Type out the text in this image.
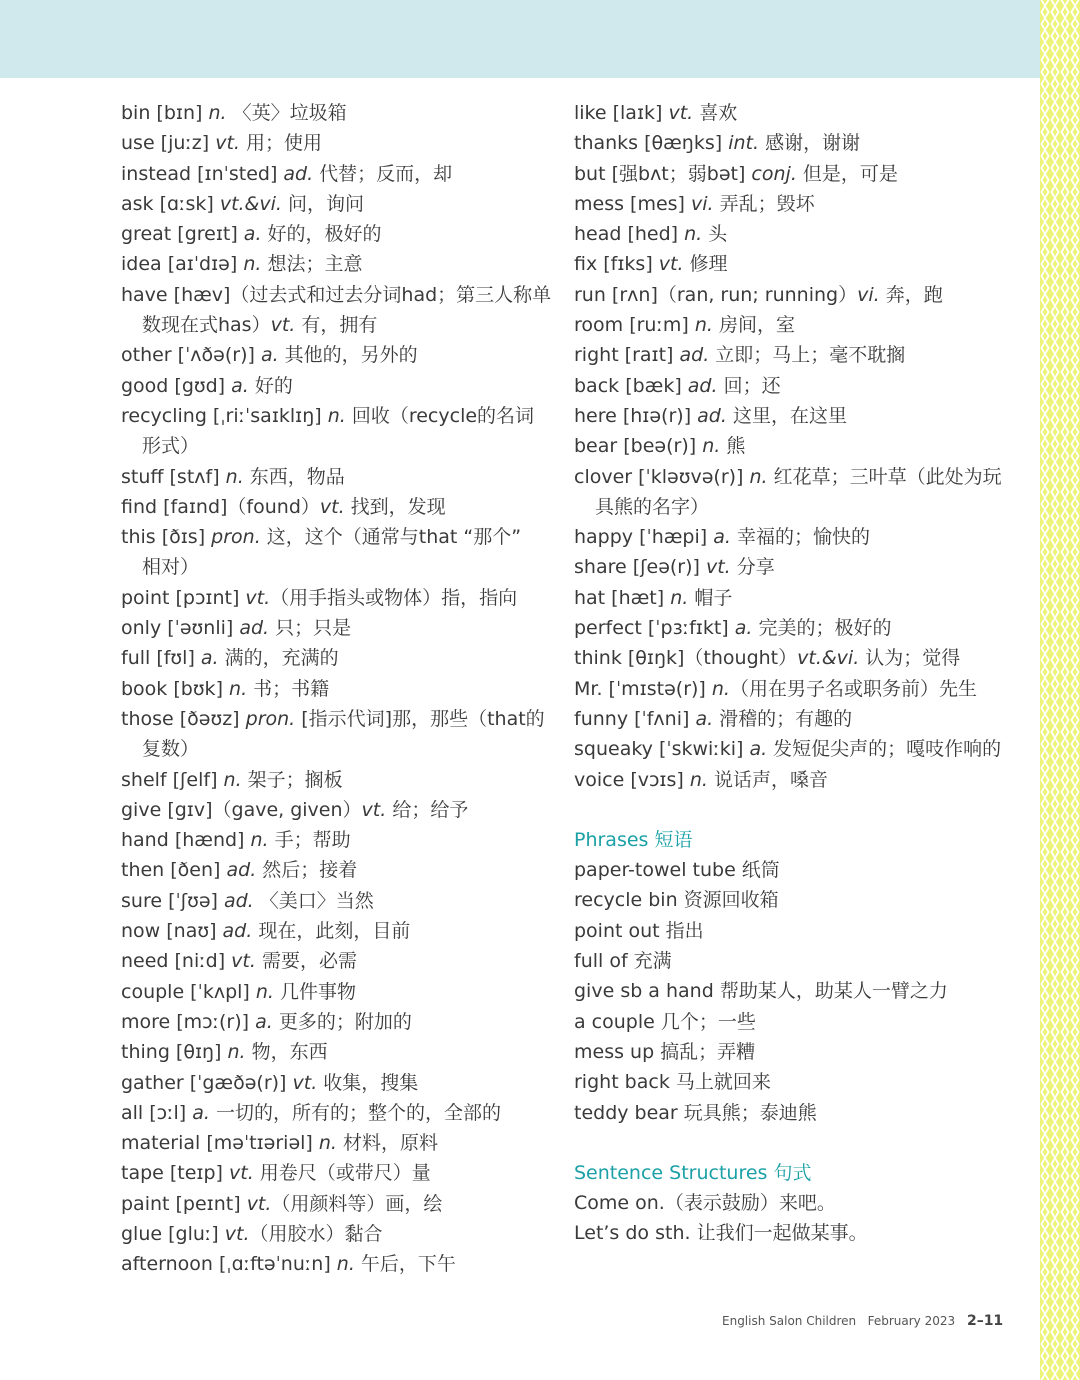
bin [bɪn] n. 〈英〉垃圾箱
use [juːz] vt. 用；使用
instead [ɪnˈsted] ad. 代替；反而，却
ask [ɑːsk] vt.&vi. 问，询问
great [greɪt] a. 好的，极好的
idea [aɪˈdɪə] n. 想法；主意
have [hæv]（过去式和过去分词had；第三人称单
数现在式has）vt. 有，拥有
other [ˈʌðə(r)] a. 其他的，另外的
good [gʊd] a. 好的
recycling [ˌriːˈsaɪklɪŋ] n. 回收（recycle的名词
形式）
stuff [stʌf] n. 东西，物品
find [faɪnd]（found）vt. 找到，发现
this [ðɪs] pron. 这，这个（通常与that “那个”
相对）
point [pɔɪnt] vt.（用手指头或物体）指，指向
only [ˈəʊnli] ad. 只；只是
full [fʊl] a. 满的，充满的
book [bʊk] n. 书；书籍
those [ðəʊz] pron. [指示代词]那，那些（that的
复数）
shelf [ʃelf] n. 架子；搁板
give [gɪv]（gave, given）vt. 给；给予
hand [hænd] n. 手；帮助
then [ðen] ad. 然后；接着
sure [ˈʃʊə] ad. 〈美口〉当然
now [naʊ] ad. 现在，此刻，目前
need [niːd] vt. 需要，必需
couple [ˈkʌpl] n. 几件事物
more [mɔː(r)] a. 更多的；附加的
thing [θɪŋ] n. 物，东西
gather [ˈgæðə(r)] vt. 收集，搜集
all [ɔːl] a. 一切的，所有的；整个的，全部的
material [məˈtɪəriəl] n. 材料，原料
tape [teɪp] vt. 用卷尺（或带尺）量
paint [peɪnt] vt.（用颜料等）画，绘
glue [gluː] vt.（用胶水）黏合
afternoon [ˌɑːftəˈnuːn] n. 午后，下午
like [laɪk] vt. 喜欢
thanks [θæŋks] int. 感谢，谢谢
but [强bʌt；弱bət] conj. 但是，可是
mess [mes] vi. 弄乱；毁坏
head [hed] n. 头
fix [fɪks] vt. 修理
run [rʌn]（ran, run; running）vi. 奔，跑
room [ruːm] n. 房间，室
right [raɪt] ad. 立即；马上；毫不耽搁
back [bæk] ad. 回；还
here [hɪə(r)] ad. 这里，在这里
bear [beə(r)] n. 熊
clover [ˈkləʊvə(r)] n. 红花草；三叶草（此处为玩
具熊的名字）
happy [ˈhæpi] a. 幸福的；愉快的
share [ʃeə(r)] vt. 分享
hat [hæt] n. 帽子
perfect [ˈpɜːfɪkt] a. 完美的；极好的
think [θɪŋk]（thought）vt.&vi. 认为；觉得
Mr. [ˈmɪstə(r)] n.（用在男子名或职务前）先生
funny [ˈfʌni] a. 滑稽的；有趣的
squeaky [ˈskwiːki] a. 发短促尖声的；嘎吱作响的
voice [vɔɪs] n. 说话声，嗓音
Phrases 短语
paper-towel tube 纸筒
recycle bin 资源回收箱
point out 指出
full of 充满
give sb a hand 帮助某人，助某人一臂之力
a couple 几个；一些
mess up 搞乱；弄糟
right back 马上就回来
teddy bear 玩具熊；泰迪熊
Sentence Structures 句式
Come on.（表示鼓励）来吧。
Let’s do sth. 让我们一起做某事。
English Salon Children February 2023 2–11
